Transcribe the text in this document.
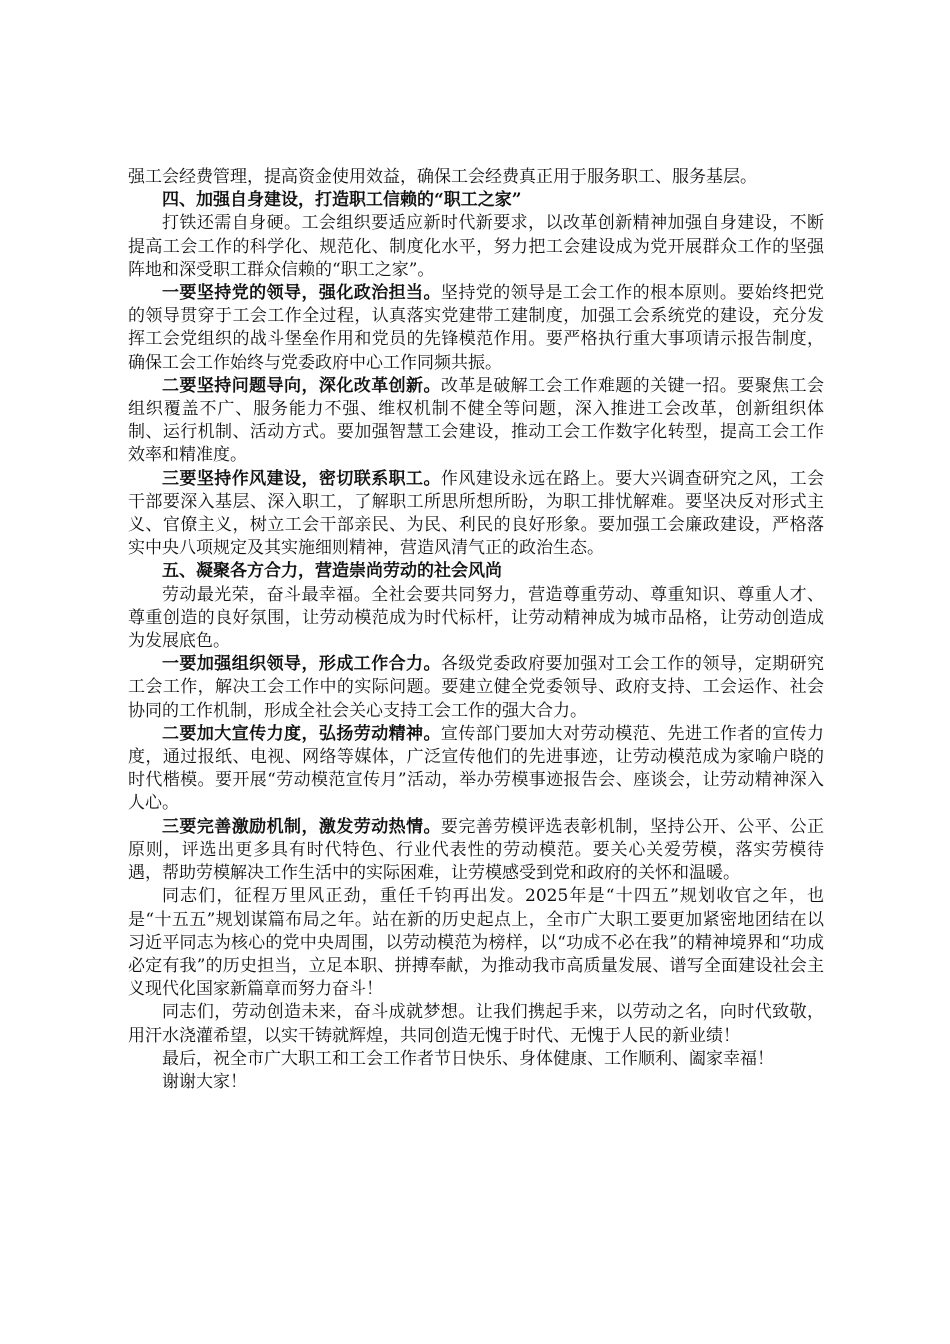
强工会经费管理，提高资金使用效益，确保工会经费真正用于服务职工、服务基层。

四、加强自身建设，打造职工信赖的“职工之家”

打铁还需自身硬。工会组织要适应新时代新要求，以改革创新精神加强自身建设，不断提高工会工作的科学化、规范化、制度化水平，努力把工会建设成为党开展群众工作的坚强阵地和深受职工群众信赖的“职工之家”。

一要坚持党的领导，强化政治担当。坚持党的领导是工会工作的根本原则。要始终把党的领导贯穿于工会工作全过程，认真落实党建带工建制度，加强工会系统党的建设，充分发挥工会党组织的战斗堡垒作用和党员的先锋模范作用。要严格执行重大事项请示报告制度，确保工会工作始终与党委政府中心工作同频共振。

二要坚持问题导向，深化改革创新。改革是破解工会工作难题的关键一招。要聚焦工会组织覆盖不广、服务能力不强、维权机制不健全等问题，深入推进工会改革，创新组织体制、运行机制、活动方式。要加强智慧工会建设，推动工会工作数字化转型，提高工会工作效率和精准度。

三要坚持作风建设，密切联系职工。作风建设永远在路上。要大兴调查研究之风，工会干部要深入基层、深入职工，了解职工所思所想所盼，为职工排忧解难。要坚决反对形式主义、官僚主义，树立工会干部亲民、为民、利民的良好形象。要加强工会廉政建设，严格落实中央八项规定及其实施细则精神，营造风清气正的政治生态。

五、凝聚各方合力，营造崇尚劳动的社会风尚

劳动最光荣，奋斗最幸福。全社会要共同努力，营造尊重劳动、尊重知识、尊重人才、尊重创造的良好氛围，让劳动模范成为时代标杆，让劳动精神成为城市品格，让劳动创造成为发展底色。

一要加强组织领导，形成工作合力。各级党委政府要加强对工会工作的领导，定期研究工会工作，解决工会工作中的实际问题。要建立健全党委领导、政府支持、工会运作、社会协同的工作机制，形成全社会关心支持工会工作的强大合力。

二要加大宣传力度，弘扬劳动精神。宣传部门要加大对劳动模范、先进工作者的宣传力度，通过报纸、电视、网络等媒体，广泛宣传他们的先进事迹，让劳动模范成为家喻户晓的时代楷模。要开展“劳动模范宣传月”活动，举办劳模事迹报告会、座谈会，让劳动精神深入人心。

三要完善激励机制，激发劳动热情。要完善劳模评选表彰机制，坚持公开、公平、公正原则，评选出更多具有时代特色、行业代表性的劳动模范。要关心关爱劳模，落实劳模待遇，帮助劳模解决工作生活中的实际困难，让劳模感受到党和政府的关怀和温暖。

同志们，征程万里风正劲，重任千钧再出发。2025年是“十四五”规划收官之年，也是“十五五”规划谋篇布局之年。站在新的历史起点上，全市广大职工要更加紧密地团结在以习近平同志为核心的党中央周围，以劳动模范为榜样，以“功成不必在我”的精神境界和“功成必定有我”的历史担当，立足本职、拼搏奉献，为推动我市高质量发展、谱写全面建设社会主义现代化国家新篇章而努力奋斗！

同志们，劳动创造未来，奋斗成就梦想。让我们携起手来，以劳动之名，向时代致敬，用汗水浇灌希望，以实干铸就辉煌，共同创造无愧于时代、无愧于人民的新业绩！

最后，祝全市广大职工和工会工作者节日快乐、身体健康、工作顺利、阖家幸福！

谢谢大家！
